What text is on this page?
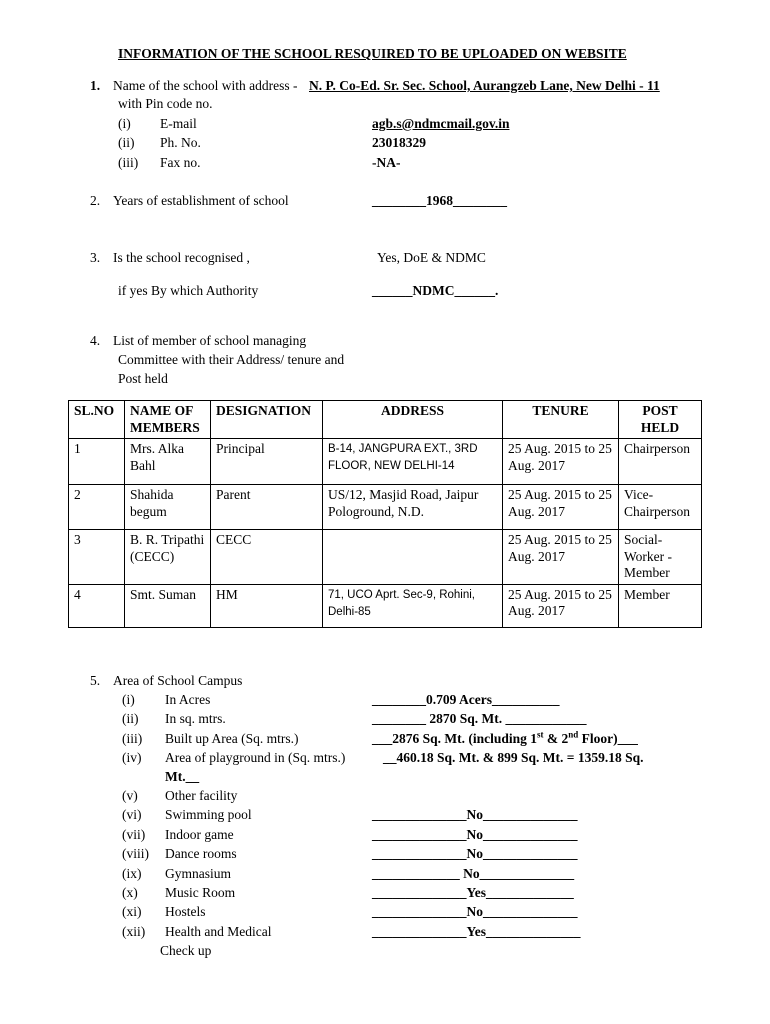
INFORMATION OF THE SCHOOL RESQUIRED TO BE UPLOADED ON WEBSITE
1. Name of the school with address - N. P. Co-Ed. Sr. Sec. School, Aurangzeb Lane, New Delhi - 11
with Pin code no.
(i) E-mail	agb.s@ndmcmail.gov.in
(ii) Ph. No.	23018329
(iii) Fax no.	-NA-
2. Years of establishment of school	________1968________
3. Is the school recognised ,	Yes, DoE & NDMC
if yes By which Authority	______NDMC______.
4. List of member of school managing
Committee with their Address/ tenure and
Post held
SL.NO	NAME OF MEMBERS	DESIGNATION	ADDRESS	TENURE	POST HELD
1	Mrs. Alka Bahl	Principal	B-14, JANGPURA EXT., 3RD FLOOR, NEW DELHI-14	25 Aug. 2015 to 25 Aug. 2017	Chairperson
2	Shahida begum	Parent	US/12, Masjid Road, Jaipur Pologround, N.D.	25 Aug. 2015 to 25 Aug. 2017	Vice-Chairperson
3	B. R. Tripathi (CECC)	CECC		25 Aug. 2015 to 25 Aug. 2017	Social-Worker - Member
4	Smt. Suman	HM	71, UCO Aprt. Sec-9, Rohini, Delhi-85	25 Aug. 2015 to 25 Aug. 2017	Member
5. Area of School Campus
(i) In Acres	________0.709 Acers__________
(ii) In sq. mtrs.	________ 2870 Sq. Mt. ____________
(iii) Built up Area (Sq. mtrs.)	___2876 Sq. Mt. (including 1st & 2nd Floor)___
(iv) Area of playground in (Sq. mtrs.)	__460.18 Sq. Mt. & 899 Sq. Mt. = 1359.18 Sq.
Mt.__
(v) Other facility
(vi) Swimming pool	______________No______________
(vii) Indoor game	______________No______________
(viii) Dance rooms	______________No______________
(ix) Gymnasium	_____________ No______________
(x) Music Room	______________Yes_____________
(xi) Hostels	______________No______________
(xii) Health and Medical	______________Yes______________
Check up
